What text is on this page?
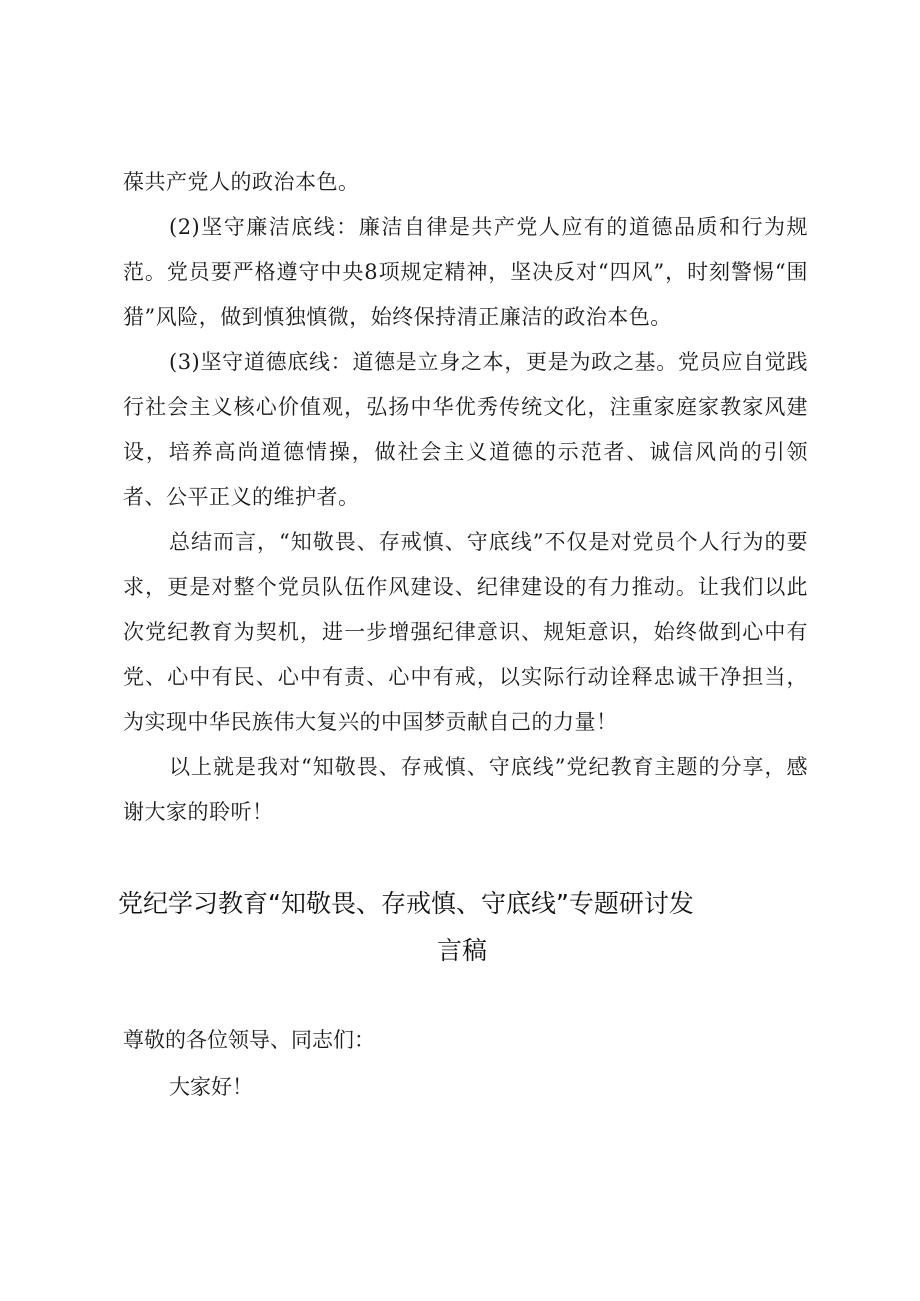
葆共产党人的政治本色。

(2)坚守廉洁底线：廉洁自律是共产党人应有的道德品质和行为规范。党员要严格遵守中央8项规定精神，坚决反对“四风”，时刻警惕“围猎”风险，做到慎独慎微，始终保持清正廉洁的政治本色。

(3)坚守道德底线：道德是立身之本，更是为政之基。党员应自觉践行社会主义核心价值观，弘扬中华优秀传统文化，注重家庭家教家风建设，培养高尚道德情操，做社会主义道德的示范者、诚信风尚的引领者、公平正义的维护者。

总结而言，“知敬畏、存戒慎、守底线”不仅是对党员个人行为的要求，更是对整个党员队伍作风建设、纪律建设的有力推动。让我们以此次党纪教育为契机，进一步增强纪律意识、规矩意识，始终做到心中有党、心中有民、心中有责、心中有戒，以实际行动诠释忠诚干净担当，为实现中华民族伟大复兴的中国梦贡献自己的力量！

以上就是我对“知敬畏、存戒慎、守底线”党纪教育主题的分享，感谢大家的聆听！

党纪学习教育“知敬畏、存戒慎、守底线”专题研讨发
言稿

尊敬的各位领导、同志们：

大家好！
